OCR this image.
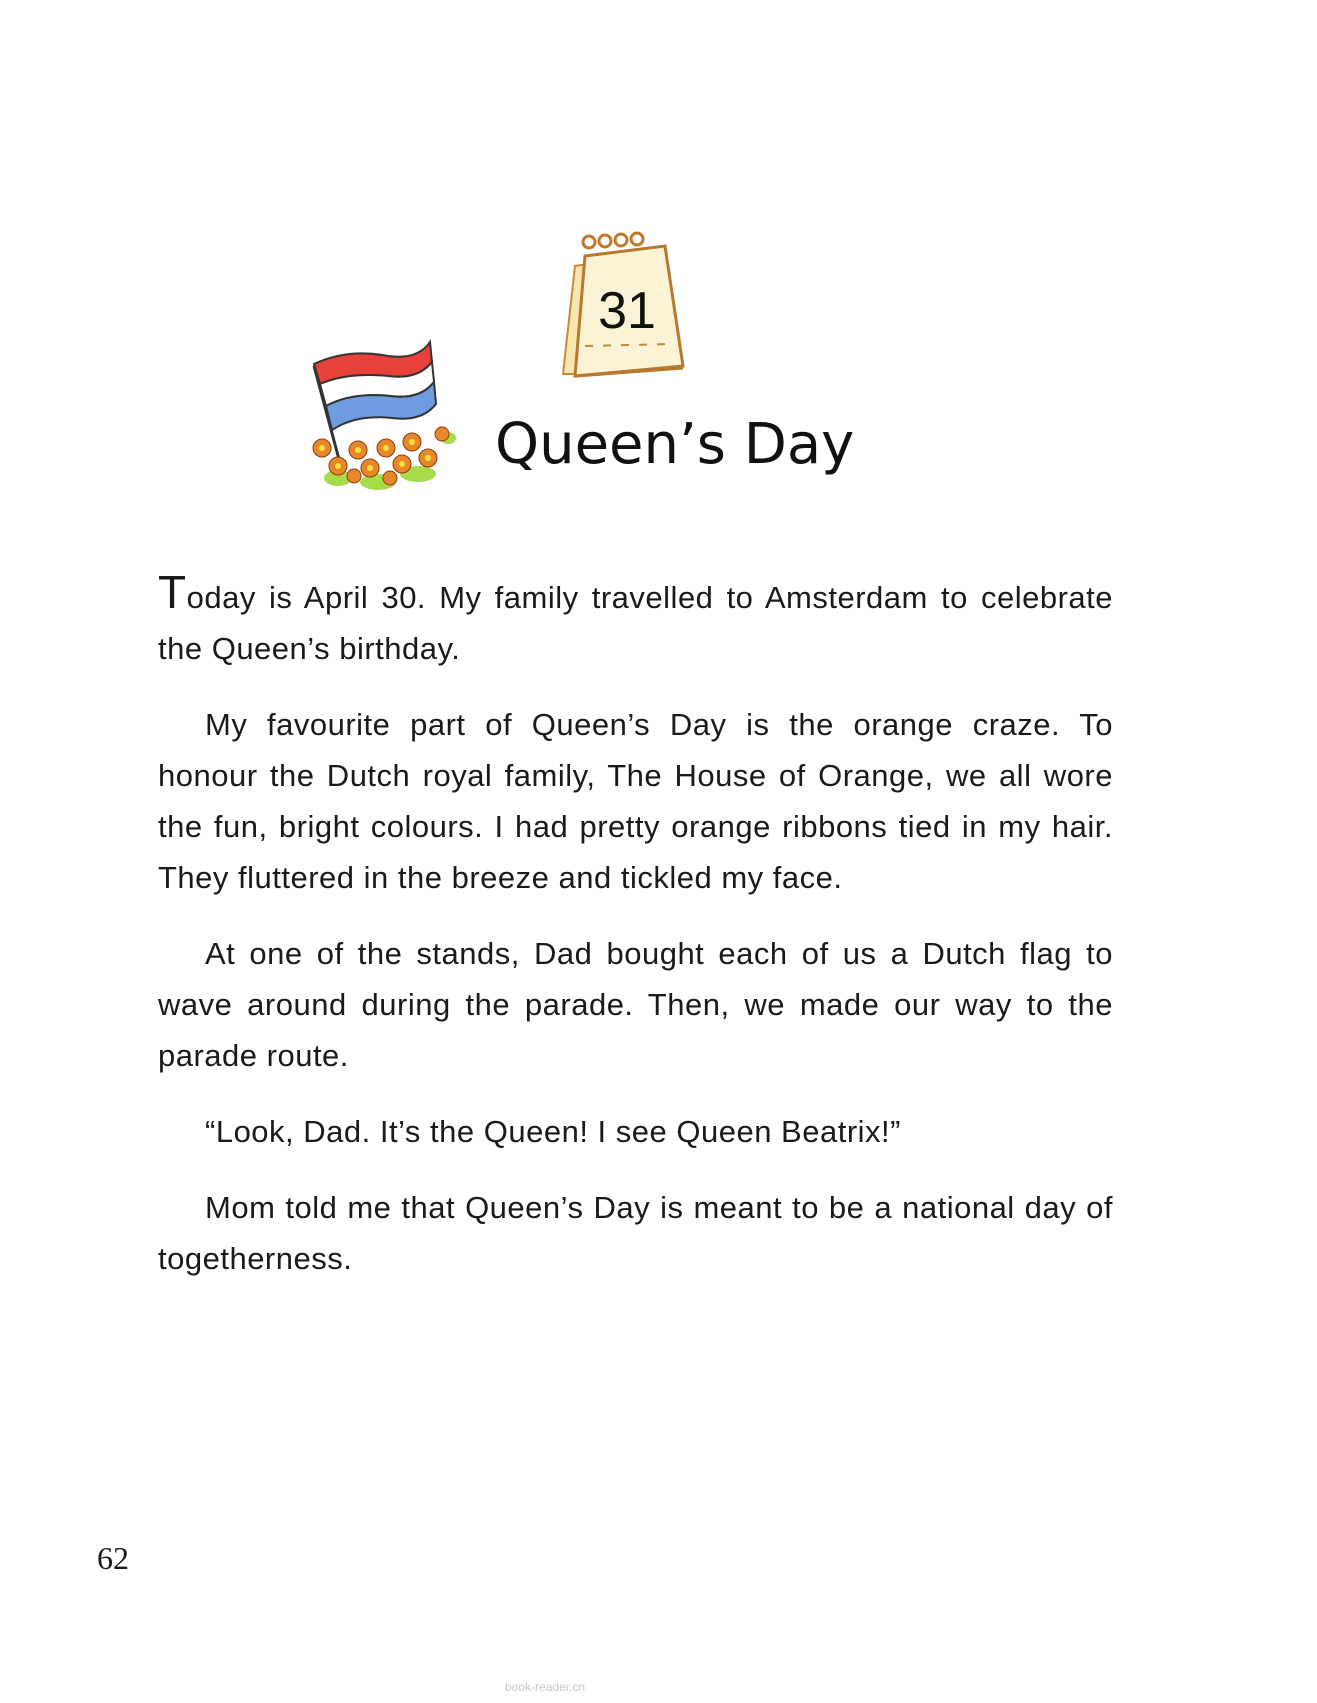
31
Queen’s Day

Today is April 30. My family travelled to Amsterdam to celebrate the Queen’s birthday.

My favourite part of Queen’s Day is the orange craze. To honour the Dutch royal family, The House of Orange, we all wore the fun, bright colours. I had pretty orange ribbons tied in my hair. They fluttered in the breeze and tickled my face.

At one of the stands, Dad bought each of us a Dutch flag to wave around during the parade. Then, we made our way to the parade route.

“Look, Dad. It’s the Queen! I see Queen Beatrix!”

Mom told me that Queen’s Day is meant to be a national day of togetherness.

62
book-reader.cn
